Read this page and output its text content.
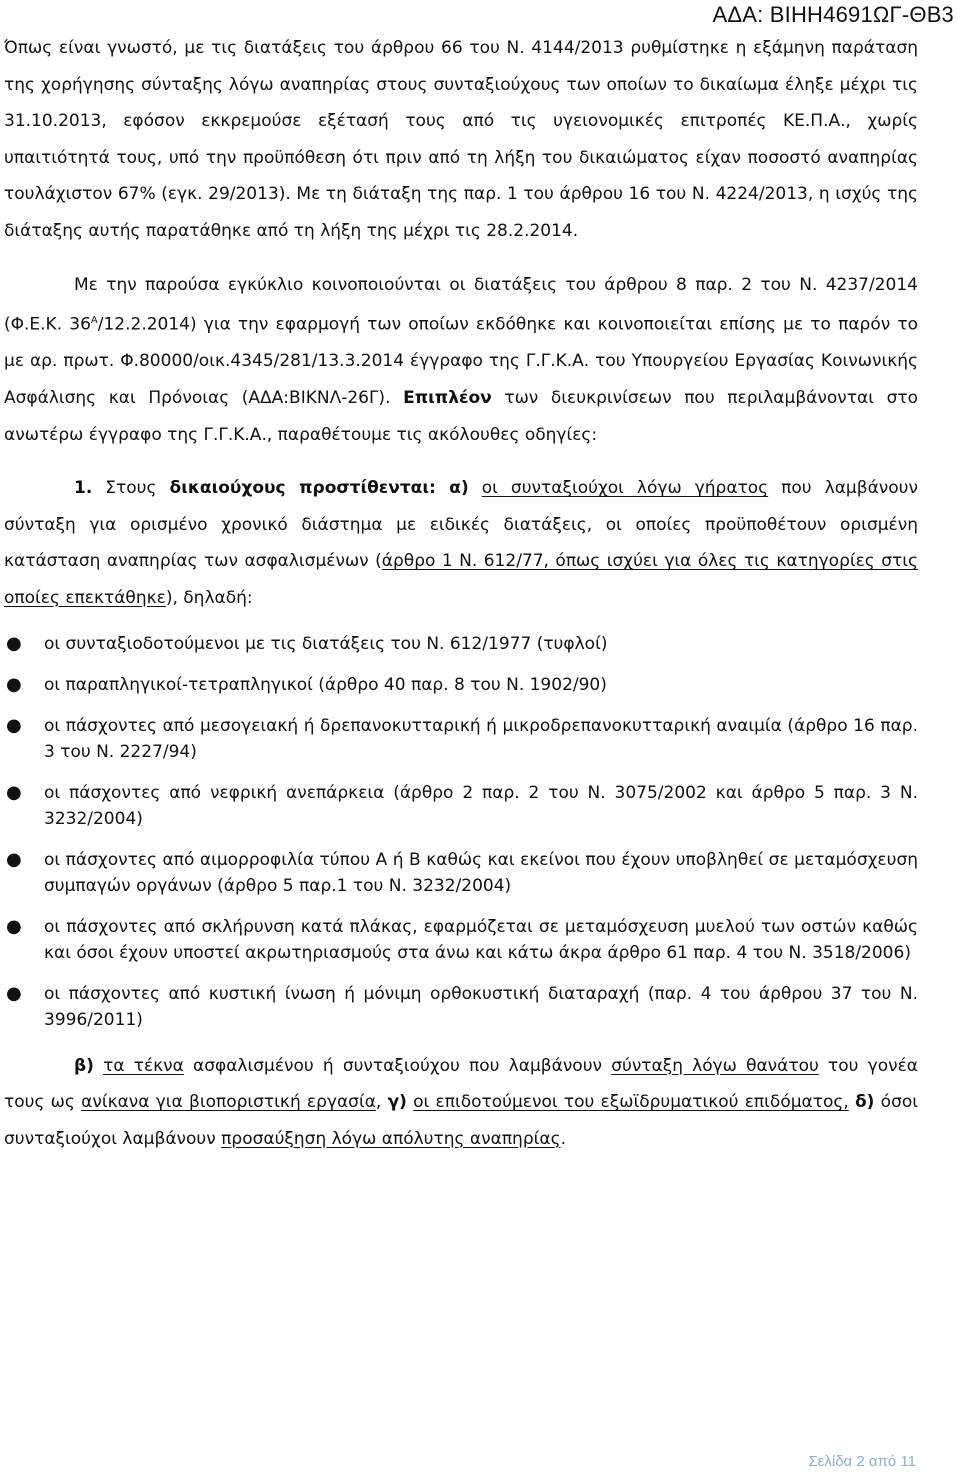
ΑΔΑ: ΒΙΗΗ4691ΩΓ-ΘΒ3

Όπως είναι γνωστό, με τις διατάξεις του άρθρου 66 του Ν. 4144/2013 ρυθμίστηκε η εξάμηνη παράταση της χορήγησης σύνταξης λόγω αναπηρίας στους συνταξιούχους των οποίων το δικαίωμα έληξε μέχρι τις 31.10.2013, εφόσον εκκρεμούσε εξέτασή τους από τις υγειονομικές επιτροπές ΚΕ.Π.Α., χωρίς υπαιτιότητά τους, υπό την προϋπόθεση ότι πριν από τη λήξη του δικαιώματος είχαν ποσοστό αναπηρίας τουλάχιστον 67% (εγκ. 29/2013). Με τη διάταξη της παρ. 1 του άρθρου 16 του Ν. 4224/2013, η ισχύς της διάταξης αυτής παρατάθηκε από τη λήξη της μέχρι τις 28.2.2014.

Με την παρούσα εγκύκλιο κοινοποιούνται οι διατάξεις του άρθρου 8 παρ. 2 του Ν. 4237/2014 (Φ.Ε.Κ. $36^A/12.2.2014$) για την εφαρμογή των οποίων εκδόθηκε και κοινοποιείται επίσης με το παρόν το με αρ. πρωτ. Φ.80000/οικ.4345/281/13.3.2014 έγγραφο της Γ.Γ.Κ.Α. του Υπουργείου Εργασίας Κοινωνικής Ασφάλισης και Πρόνοιας (ΑΔΑ:ΒΙΚΝΛ-26Γ). Επιπλέον των διευκρινίσεων που περιλαμβάνονται στο ανωτέρω έγγραφο της Γ.Γ.Κ.Α., παραθέτουμε τις ακόλουθες οδηγίες:

1. Στους δικαιούχους προστίθενται: α) οι συνταξιούχοι λόγω γήρατος που λαμβάνουν σύνταξη για ορισμένο χρονικό διάστημα με ειδικές διατάξεις, οι οποίες προϋποθέτουν ορισμένη κατάσταση αναπηρίας των ασφαλισμένων (άρθρο 1 Ν. 612/77, όπως ισχύει για όλες τις κατηγορίες στις οποίες επεκτάθηκε), δηλαδή:

● οι συνταξιοδοτούμενοι με τις διατάξεις του Ν. 612/1977 (τυφλοί)
● οι παραπληγικοί-τετραπληγικοί (άρθρο 40 παρ. 8 του Ν. 1902/90)
● οι πάσχοντες από μεσογειακή ή δρεπανοκυτταρική ή μικροδρεπανοκυτταρική αναιμία (άρθρο 16 παρ. 3 του Ν. 2227/94)
● οι πάσχοντες από νεφρική ανεπάρκεια (άρθρο 2 παρ. 2 του Ν. 3075/2002 και άρθρο 5 παρ. 3 Ν. 3232/2004)
● οι πάσχοντες από αιμορροφιλία τύπου Α ή Β καθώς και εκείνοι που έχουν υποβληθεί σε μεταμόσχευση συμπαγών οργάνων (άρθρο 5 παρ.1 του Ν. 3232/2004)
● οι πάσχοντες από σκλήρυνση κατά πλάκας, εφαρμόζεται σε μεταμόσχευση μυελού των οστών καθώς και όσοι έχουν υποστεί ακρωτηριασμούς στα άνω και κάτω άκρα άρθρο 61 παρ. 4 του Ν. 3518/2006)
● οι πάσχοντες από κυστική ίνωση ή μόνιμη ορθοκυστική διαταραχή (παρ. 4 του άρθρου 37 του Ν. 3996/2011)

β) τα τέκνα ασφαλισμένου ή συνταξιούχου που λαμβάνουν σύνταξη λόγω θανάτου του γονέα τους ως ανίκανα για βιοποριστική εργασία, γ) οι επιδοτούμενοι του εξωϊδρυματικού επιδόματος, δ) όσοι συνταξιούχοι λαμβάνουν προσαύξηση λόγω απόλυτης αναπηρίας.

Σελίδα 2 από 11
